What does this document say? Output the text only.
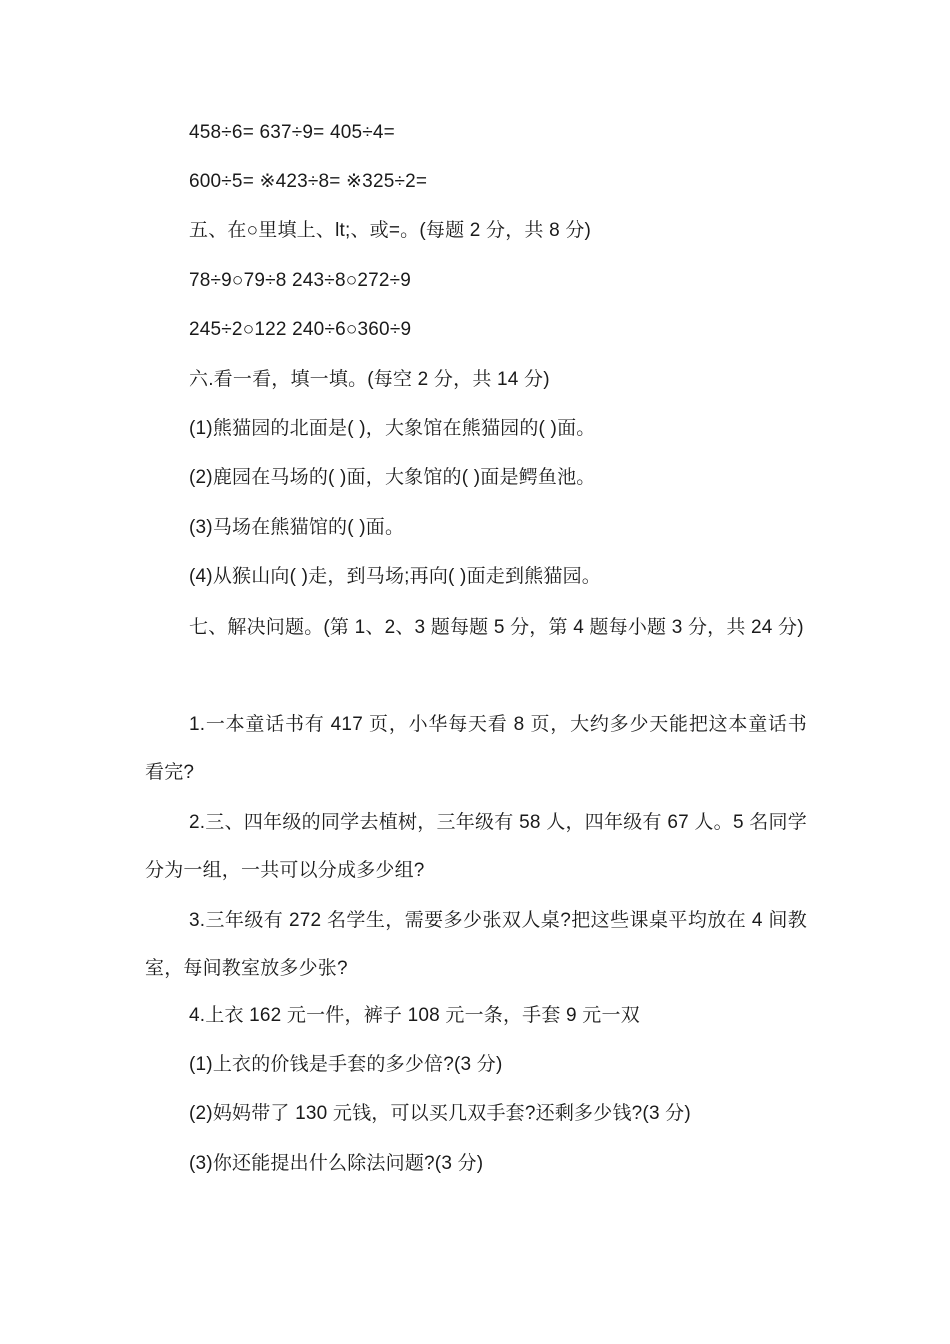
458÷6= 637÷9= 405÷4=
600÷5= ※423÷8= ※325÷2=
五、在○里填上、lt;、或=。(每题 2 分，共 8 分)
78÷9○79÷8 243÷8○272÷9
245÷2○122 240÷6○360÷9
六.看一看，填一填。(每空 2 分，共 14 分)
(1)熊猫园的北面是( )，大象馆在熊猫园的( )面。
(2)鹿园在马场的( )面，大象馆的( )面是鳄鱼池。
(3)马场在熊猫馆的( )面。
(4)从猴山向( )走，到马场;再向( )面走到熊猫园。
七、解决问题。(第 1、2、3 题每题 5 分，第 4 题每小题 3 分，共 24 分)
1.一本童话书有 417 页，小华每天看 8 页，大约多少天能把这本童话书看完?
2.三、四年级的同学去植树，三年级有 58 人，四年级有 67 人。5 名同学分为一组，一共可以分成多少组?
3.三年级有 272 名学生，需要多少张双人桌?把这些课桌平均放在 4 间教室，每间教室放多少张?
4.上衣 162 元一件，裤子 108 元一条，手套 9 元一双
(1)上衣的价钱是手套的多少倍?(3 分)
(2)妈妈带了 130 元钱，可以买几双手套?还剩多少钱?(3 分)
(3)你还能提出什么除法问题?(3 分)
